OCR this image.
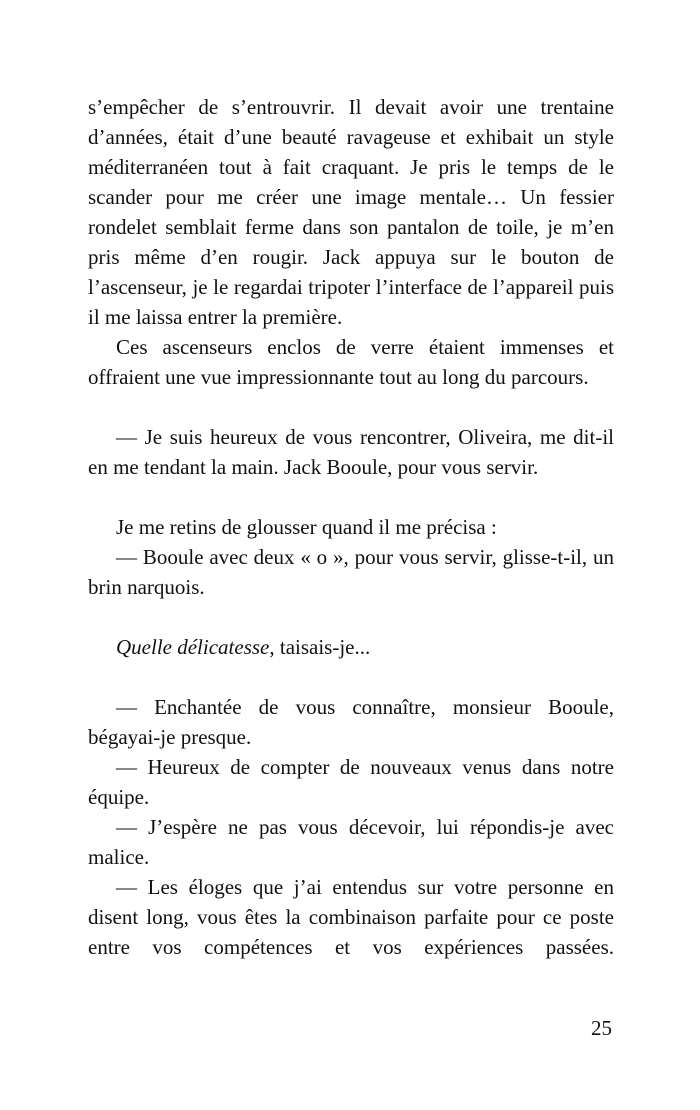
s’empêcher de s’entrouvrir. Il devait avoir une trentaine d’années, était d’une beauté ravageuse et exhibait un style méditerranéen tout à fait craquant. Je pris le temps de le scander pour me créer une image mentale… Un fessier rondelet semblait ferme dans son pantalon de toile, je m’en pris même d’en rougir. Jack appuya sur le bouton de l’ascenseur, je le regardai tripoter l’interface de l’appareil puis il me laissa entrer la première.

Ces ascenseurs enclos de verre étaient immenses et offraient une vue impressionnante tout au long du parcours.

— Je suis heureux de vous rencontrer, Oliveira, me dit-il en me tendant la main. Jack Booule, pour vous servir.

Je me retins de glousser quand il me précisa :

— Booule avec deux « o », pour vous servir, glisse-t-il, un brin narquois.

Quelle délicatesse, taisais-je...

— Enchantée de vous connaître, monsieur Booule, bégayai-je presque.

— Heureux de compter de nouveaux venus dans notre équipe.

— J’espère ne pas vous décevoir, lui répondis-je avec malice.

— Les éloges que j’ai entendus sur votre personne en disent long, vous êtes la combinaison parfaite pour ce poste entre vos compétences et vos expériences passées.

25
